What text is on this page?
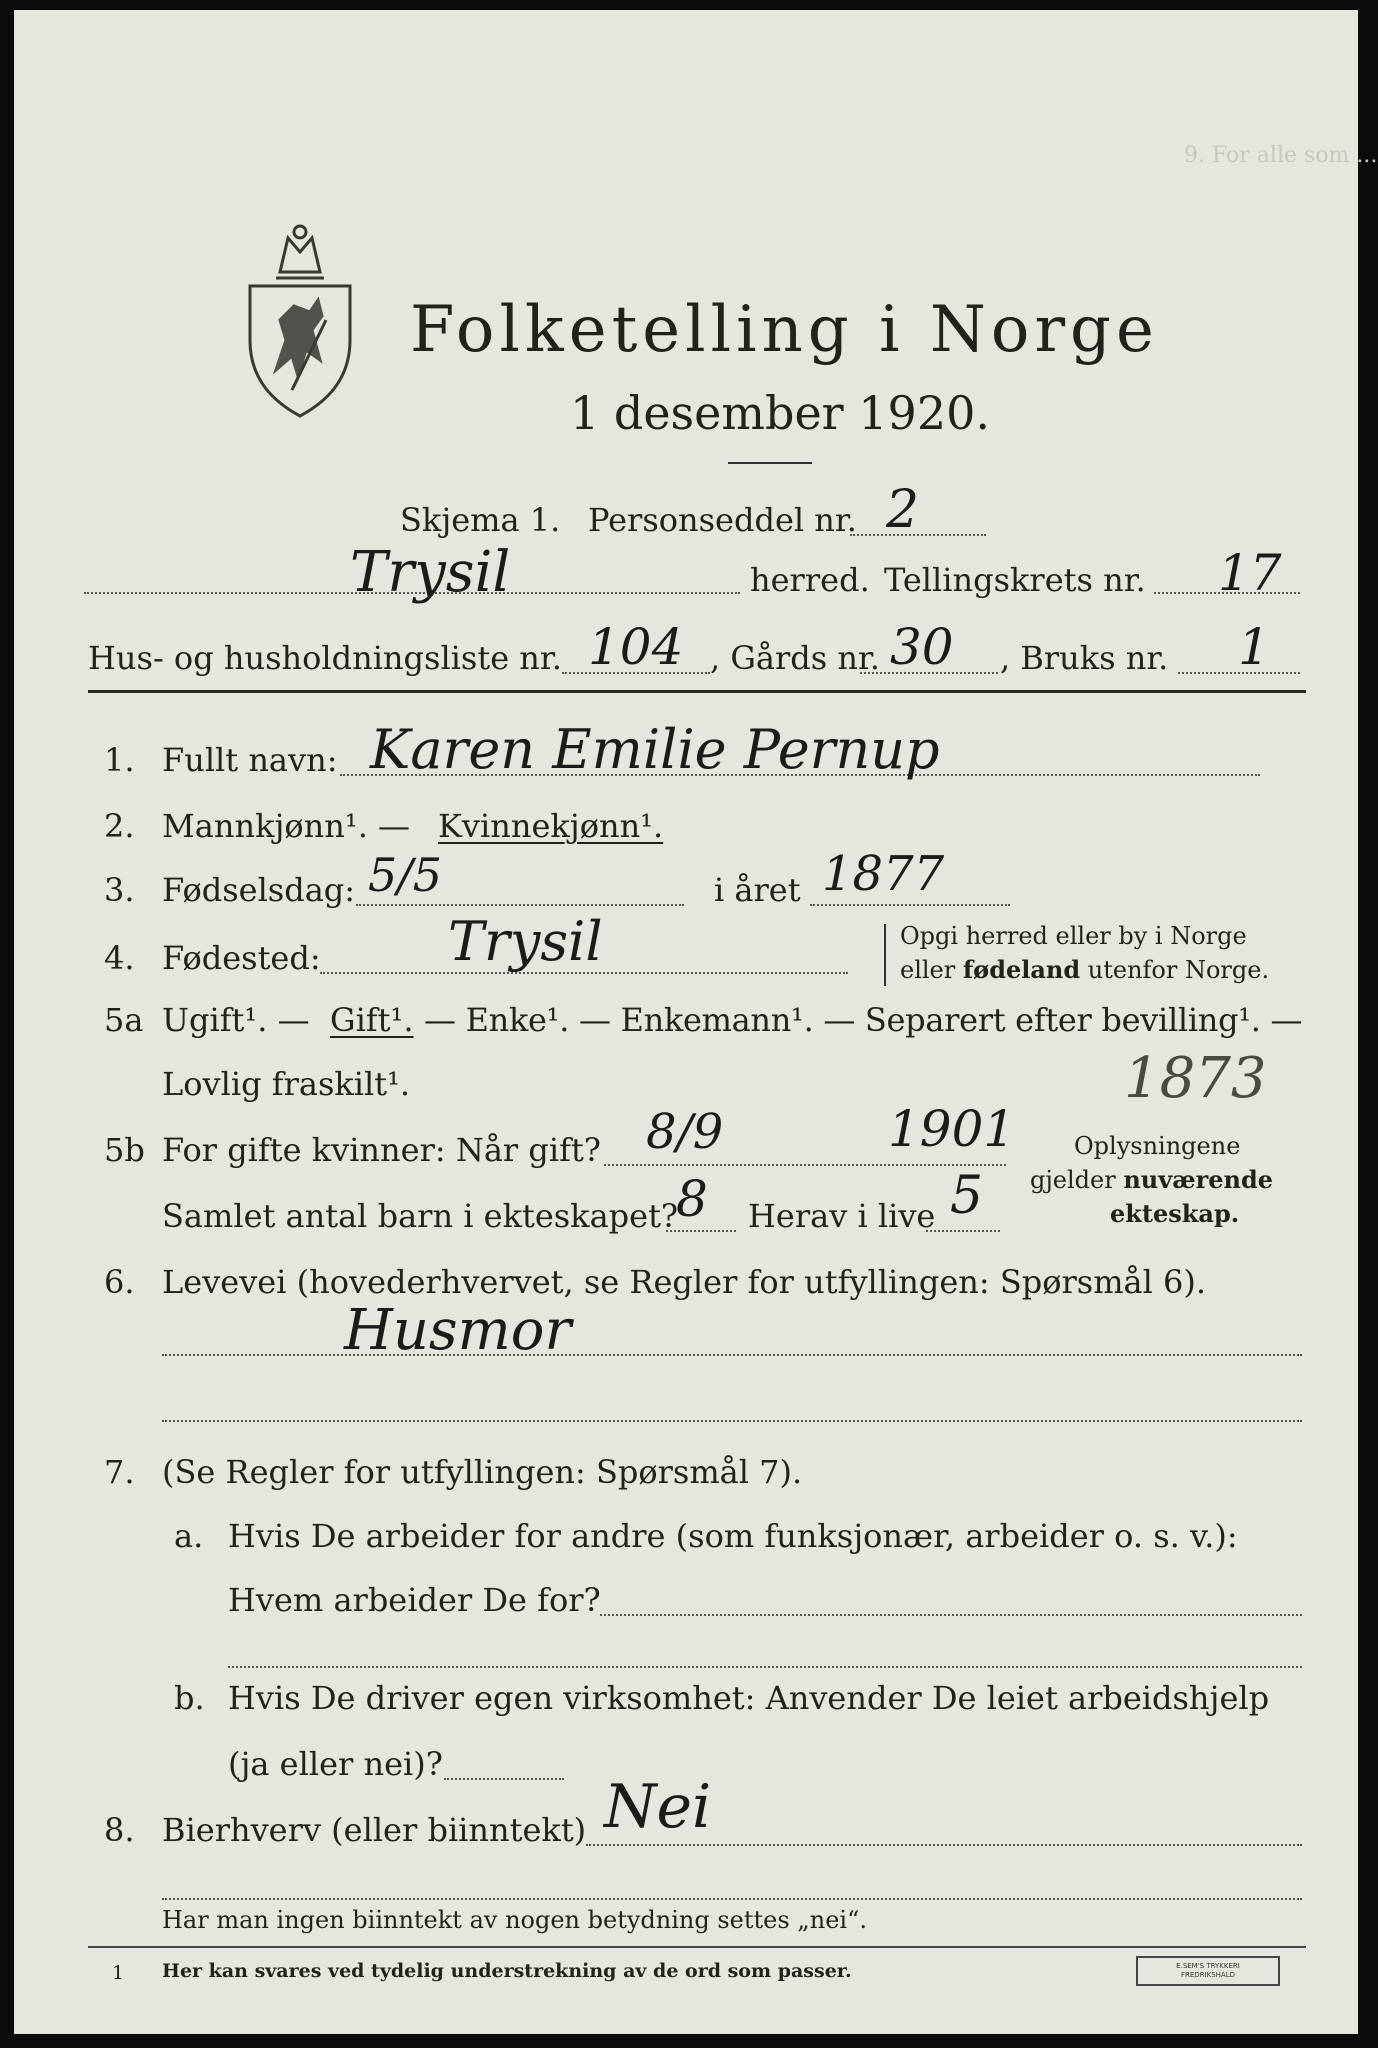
9. For alle som ...
Folketelling i Norge
1 desember 1920.
Skjema 1. Personseddel nr. 2
Trysil	herred. Tellingskrets nr. 17
Hus- og husholdningsliste nr. 104 , Gårds nr. 30 , Bruks nr. 1
1. Fullt navn: Karen Emilie Pernup
2. Mannkjønn¹. — Kvinnekjønn¹.
3. Fødselsdag: 5/5	i året 1877
4. Fødested: Trysil	Opgi herred eller by i Norge
eller fødeland utenfor Norge.
5a Ugift¹. — Gift¹. — Enke¹. — Enkemann¹. — Separert efter bevilling¹. —
Lovlig fraskilt¹.	1873
5b For gifte kvinner: Når gift? 8/9	1901
Samlet antal barn i ekteskapet?
8 Herav i live 5
Oplysningene
gjelder nuværende
ekteskap.
6. Levevei (hovederhvervet, se Regler for utfyllingen: Spørsmål 6).
Husmor
7. (Se Regler for utfyllingen: Spørsmål 7).
a. Hvis De arbeider for andre (som funksjonær, arbeider o. s. v.):
Hvem arbeider De for?
b. Hvis De driver egen virksomhet: Anvender De leiet arbeidshjelp
(ja eller nei)?
8. Bierhverv (eller biinntekt) Nei
Har man ingen biinntekt av nogen betydning settes „nei“.
1 Her kan svares ved tydelig understrekning av de ord som passer.	E.SEM'S TRYKKERI
FREDRIKSHALD
